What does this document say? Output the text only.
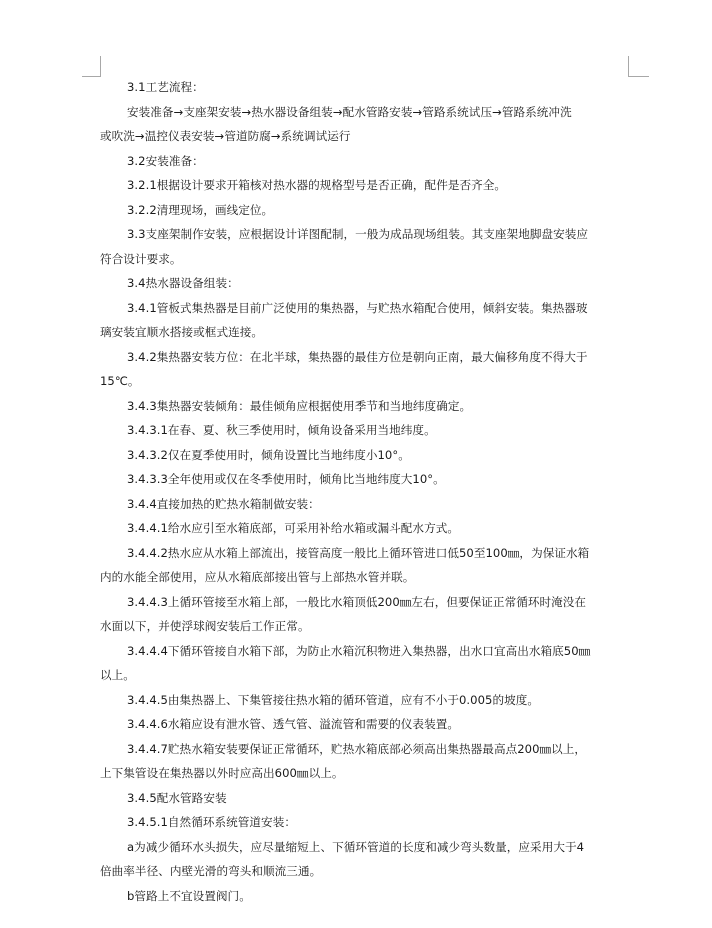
3.1工艺流程：

安装准备→支座架安装→热水器设备组装→配水管路安装→管路系统试压→管路系统冲洗

或吹洗→温控仪表安装→管道防腐→系统调试运行

3.2安装准备：

3.2.1根据设计要求开箱核对热水器的规格型号是否正确，配件是否齐全。

3.2.2清理现场，画线定位。

3.3支座架制作安装，应根据设计详图配制，一般为成品现场组装。其支座架地脚盘安装应

符合设计要求。

3.4热水器设备组装：

3.4.1管板式集热器是目前广泛使用的集热器，与贮热水箱配合使用，倾斜安装。集热器玻

璃安装宜顺水搭接或框式连接。

3.4.2集热器安装方位：在北半球，集热器的最佳方位是朝向正南，最大偏移角度不得大于

15℃。

3.4.3集热器安装倾角：最佳倾角应根据使用季节和当地纬度确定。

3.4.3.1在春、夏、秋三季使用时，倾角设备采用当地纬度。

3.4.3.2仅在夏季使用时，倾角设置比当地纬度小10°。

3.4.3.3全年使用或仅在冬季使用时，倾角比当地纬度大10°。

3.4.4直接加热的贮热水箱制做安装：

3.4.4.1给水应引至水箱底部，可采用补给水箱或漏斗配水方式。

3.4.4.2热水应从水箱上部流出，接管高度一般比上循环管进口低50至100㎜，为保证水箱

内的水能全部使用，应从水箱底部接出管与上部热水管并联。

3.4.4.3上循环管接至水箱上部，一般比水箱顶低200㎜左右，但要保证正常循环时淹没在

水面以下，并使浮球阀安装后工作正常。

3.4.4.4下循环管接自水箱下部，为防止水箱沉积物进入集热器，出水口宜高出水箱底50㎜

以上。

3.4.4.5由集热器上、下集管接往热水箱的循环管道，应有不小于0.005的坡度。

3.4.4.6水箱应设有泄水管、透气管、溢流管和需要的仪表装置。

3.4.4.7贮热水箱安装要保证正常循环，贮热水箱底部必须高出集热器最高点200㎜以上，

上下集管设在集热器以外时应高出600㎜以上。

3.4.5配水管路安装

3.4.5.1自然循环系统管道安装：

a为减少循环水头损失，应尽量缩短上、下循环管道的长度和减少弯头数量，应采用大于4

倍曲率半径、内壁光滑的弯头和顺流三通。

b管路上不宜设置阀门。
